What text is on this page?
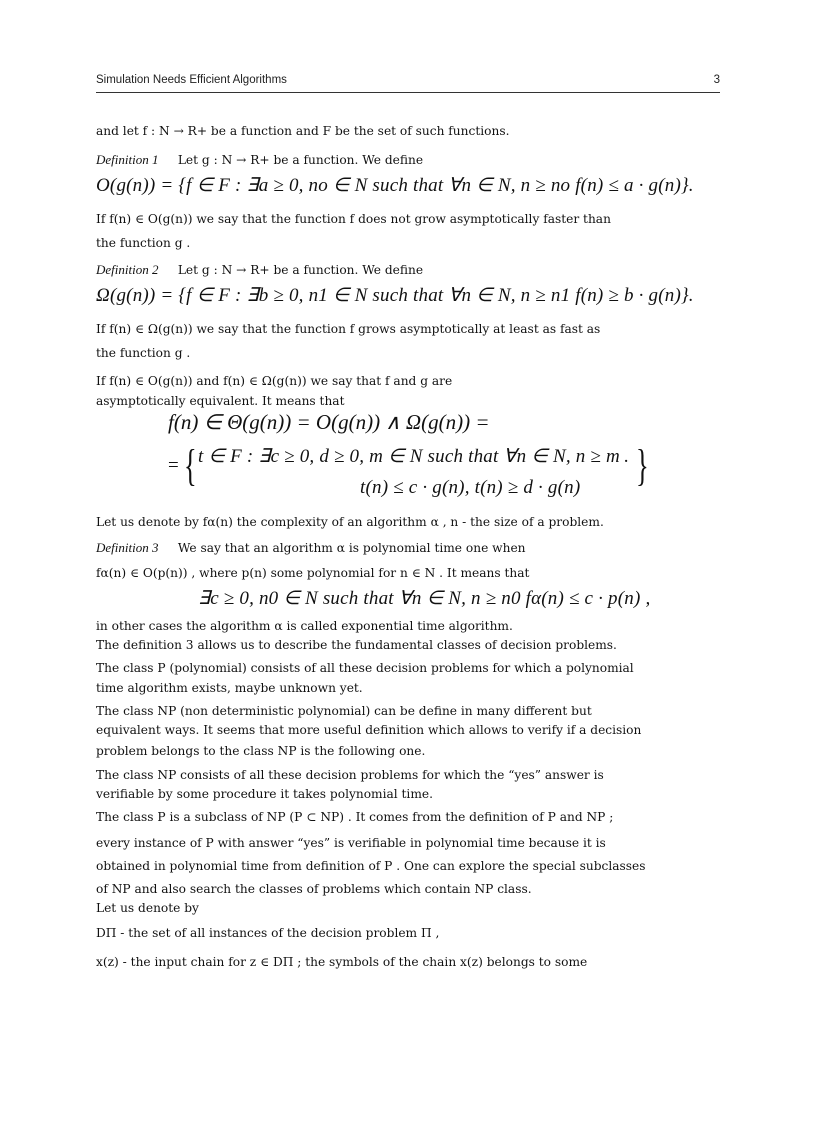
Simulation Needs Efficient Algorithms	3
and let f : N → R+ be a function and F be the set of such functions.
Definition 1 Let g : N → R+ be a function. We define
O(g(n)) = {f ∈ F : ∃a ≥ 0, no ∈ N such that ∀n ∈ N, n ≥ no f(n) ≤ a · g(n)}.
If f(n) ∈ O(g(n)) we say that the function f does not grow asymptotically faster than
the function g .
Definition 2 Let g : N → R+ be a function. We define
Ω(g(n)) = {f ∈ F : ∃b ≥ 0, n1 ∈ N such that ∀n ∈ N, n ≥ n1 f(n) ≥ b · g(n)}.
If f(n) ∈ Ω(g(n)) we say that the function f grows asymptotically at least as fast as
the function g .
If f(n) ∈ O(g(n)) and f(n) ∈ Ω(g(n)) we say that f and g are
asymptotically equivalent. It means that
f(n) ∈ Θ(g(n)) = O(g(n)) ∧ Ω(g(n)) =
= { t ∈ F : ∃c ≥ 0, d ≥ 0, m ∈ N such that ∀n ∈ N, n ≥ m .
t(n) ≤ c · g(n), t(n) ≥ d · g(n)	}
Let us denote by fα(n) the complexity of an algorithm α , n - the size of a problem.
Definition 3 We say that an algorithm α is polynomial time one when
fα(n) ∈ O(p(n)) , where p(n) some polynomial for n ∈ N . It means that
∃c ≥ 0, n0 ∈ N such that ∀n ∈ N, n ≥ n0 fα(n) ≤ c · p(n) ,
in other cases the algorithm α is called exponential time algorithm.
The definition 3 allows us to describe the fundamental classes of decision problems.
The class P (polynomial) consists of all these decision problems for which a polynomial
time algorithm exists, maybe unknown yet.
The class NP (non deterministic polynomial) can be define in many different but
equivalent ways. It seems that more useful definition which allows to verify if a decision
problem belongs to the class NP is the following one.
The class NP consists of all these decision problems for which the “yes” answer is
verifiable by some procedure it takes polynomial time.
The class P is a subclass of NP (P ⊂ NP) . It comes from the definition of P and NP ;
every instance of P with answer “yes” is verifiable in polynomial time because it is
obtained in polynomial time from definition of P . One can explore the special subclasses
of NP and also search the classes of problems which contain NP class.
Let us denote by
DΠ - the set of all instances of the decision problem Π ,
x(z) - the input chain for z ∈ DΠ ; the symbols of the chain x(z) belongs to some
